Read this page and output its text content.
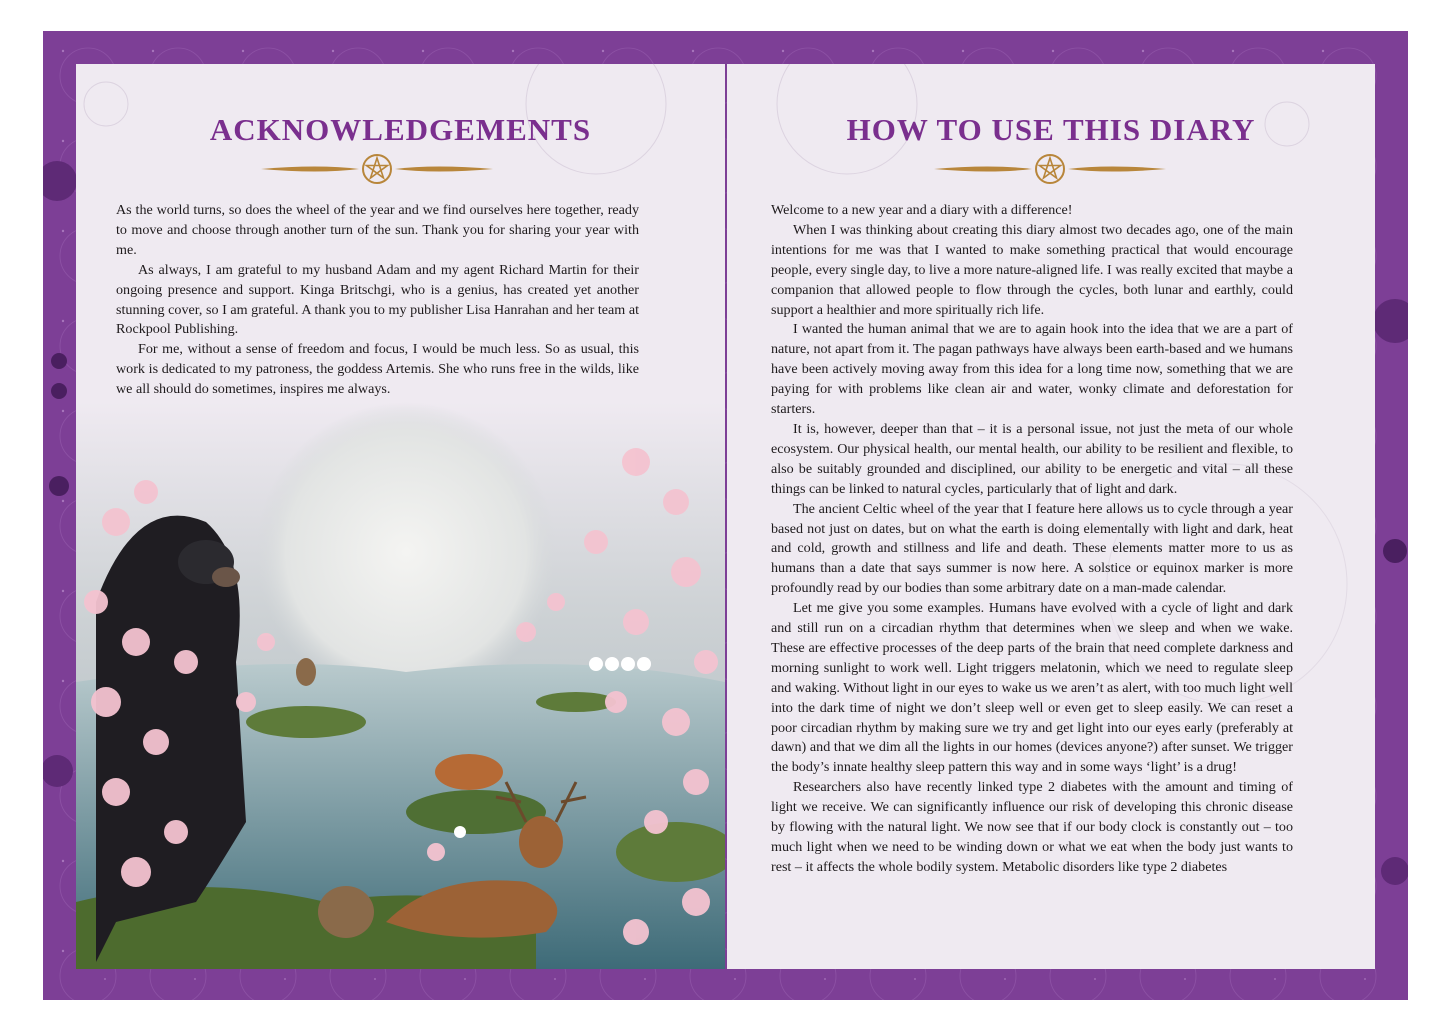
ACKNOWLEDGEMENTS

As the world turns, so does the wheel of the year and we find ourselves here together, ready to move and choose through another turn of the sun. Thank you for sharing your year with me.

As always, I am grateful to my husband Adam and my agent Richard Martin for their ongoing presence and support. Kinga Britschgi, who is a genius, has created yet another stunning cover, so I am grateful. A thank you to my publisher Lisa Hanrahan and her team at Rockpool Publishing.

For me, without a sense of freedom and focus, I would be much less. So as usual, this work is dedicated to my patroness, the goddess Artemis. She who runs free in the wilds, like we all should do sometimes, inspires me always.

HOW TO USE THIS DIARY

Welcome to a new year and a diary with a difference!

When I was thinking about creating this diary almost two decades ago, one of the main intentions for me was that I wanted to make something practical that would encourage people, every single day, to live a more nature-aligned life. I was really excited that maybe a companion that allowed people to flow through the cycles, both lunar and earthly, could support a healthier and more spiritually rich life.

I wanted the human animal that we are to again hook into the idea that we are a part of nature, not apart from it. The pagan pathways have always been earth-based and we humans have been actively moving away from this idea for a long time now, something that we are paying for with problems like clean air and water, wonky climate and deforestation for starters.

It is, however, deeper than that – it is a personal issue, not just the meta of our whole ecosystem. Our physical health, our mental health, our ability to be resilient and flexible, to also be suitably grounded and disciplined, our ability to be energetic and vital – all these things can be linked to natural cycles, particularly that of light and dark.

The ancient Celtic wheel of the year that I feature here allows us to cycle through a year based not just on dates, but on what the earth is doing elementally with light and dark, heat and cold, growth and stillness and life and death. These elements matter more to us as humans than a date that says summer is now here. A solstice or equinox marker is more profoundly read by our bodies than some arbitrary date on a man-made calendar.

Let me give you some examples. Humans have evolved with a cycle of light and dark and still run on a circadian rhythm that determines when we sleep and when we wake. These are effective processes of the deep parts of the brain that need complete darkness and morning sunlight to work well. Light triggers melatonin, which we need to regulate sleep and waking. Without light in our eyes to wake us we aren’t as alert, with too much light well into the dark time of night we don’t sleep well or even get to sleep easily. We can reset a poor circadian rhythm by making sure we try and get light into our eyes early (preferably at dawn) and that we dim all the lights in our homes (devices anyone?) after sunset. We trigger the body’s innate healthy sleep pattern this way and in some ways ‘light’ is a drug!

Researchers also have recently linked type 2 diabetes with the amount and timing of light we receive. We can significantly influence our risk of developing this chronic disease by flowing with the natural light. We now see that if our body clock is constantly out – too much light when we need to be winding down or what we eat when the body just wants to rest – it affects the whole bodily system. Metabolic disorders like type 2 diabetes
